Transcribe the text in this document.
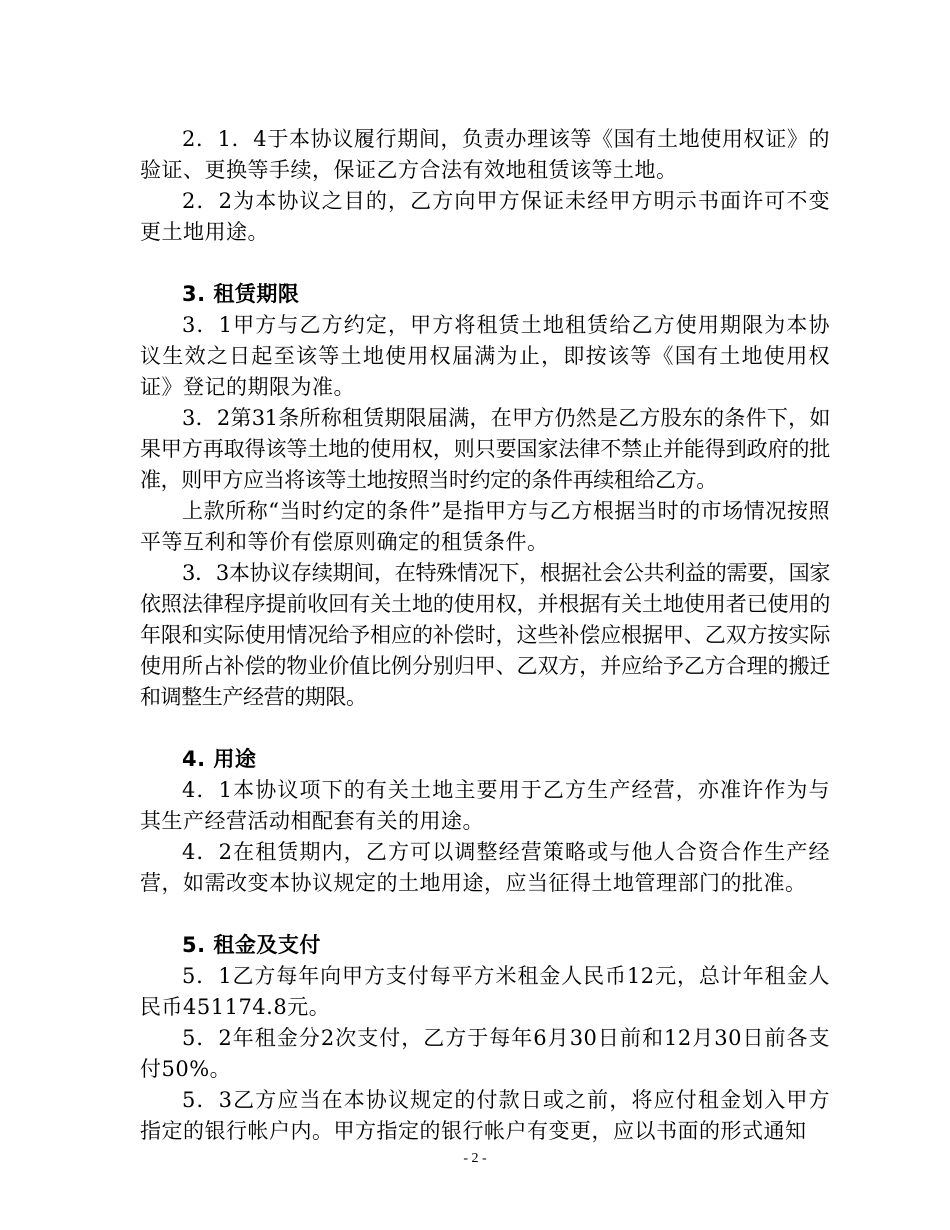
2．1．4于本协议履行期间，负责办理该等《国有土地使用权证》的验证、更换等手续，保证乙方合法有效地租赁该等土地。

2．2为本协议之目的，乙方向甲方保证未经甲方明示书面许可不变更土地用途。

3. 租赁期限

3．1甲方与乙方约定，甲方将租赁土地租赁给乙方使用期限为本协议生效之日起至该等土地使用权届满为止，即按该等《国有土地使用权证》登记的期限为准。

3．2第31条所称租赁期限届满，在甲方仍然是乙方股东的条件下，如果甲方再取得该等土地的使用权，则只要国家法律不禁止并能得到政府的批准，则甲方应当将该等土地按照当时约定的条件再续租给乙方。

上款所称“当时约定的条件”是指甲方与乙方根据当时的市场情况按照平等互利和等价有偿原则确定的租赁条件。

3．3本协议存续期间，在特殊情况下，根据社会公共利益的需要，国家依照法律程序提前收回有关土地的使用权，并根据有关土地使用者已使用的年限和实际使用情况给予相应的补偿时，这些补偿应根据甲、乙双方按实际使用所占补偿的物业价值比例分别归甲、乙双方，并应给予乙方合理的搬迁和调整生产经营的期限。

4. 用途

4．1本协议项下的有关土地主要用于乙方生产经营，亦准许作为与其生产经营活动相配套有关的用途。

4．2在租赁期内，乙方可以调整经营策略或与他人合资合作生产经营，如需改变本协议规定的土地用途，应当征得土地管理部门的批准。

5. 租金及支付

5．1乙方每年向甲方支付每平方米租金人民币12元，总计年租金人民币451174.8元。

5．2年租金分2次支付，乙方于每年6月30日前和12月30日前各支付50%。

5．3乙方应当在本协议规定的付款日或之前，将应付租金划入甲方指定的银行帐户内。甲方指定的银行帐户有变更，应以书面的形式通知

- 2 -
